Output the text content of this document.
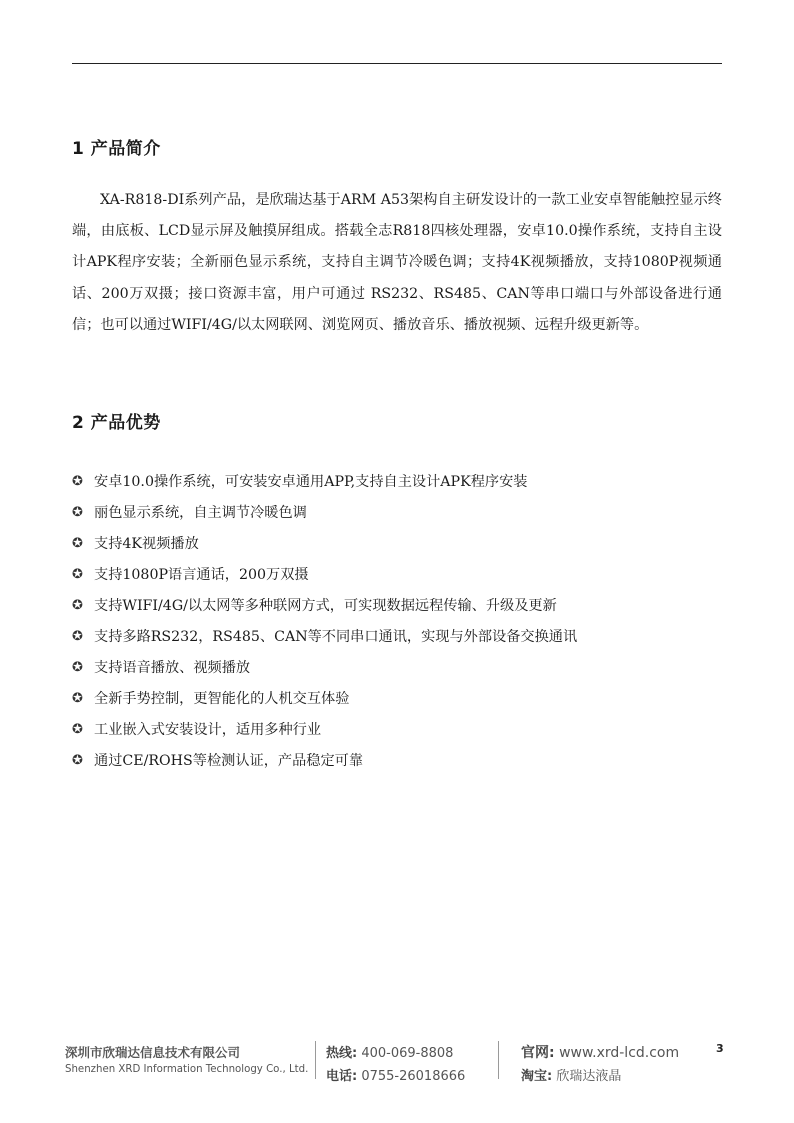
1 产品简介

XA-R818-DI系列产品，是欣瑞达基于ARM A53架构自主研发设计的一款工业安卓智能触控显示终端，由底板、LCD显示屏及触摸屏组成。搭载全志R818四核处理器，安卓10.0操作系统，支持自主设计APK程序安装；全新丽色显示系统，支持自主调节冷暖色调；支持4K视频播放，支持1080P视频通话、200万双摄；接口资源丰富，用户可通过 RS232、RS485、CAN等串口端口与外部设备进行通信；也可以通过WIFI/4G/以太网联网、浏览网页、播放音乐、播放视频、远程升级更新等。

2 产品优势
✪ 安卓10.0操作系统，可安装安卓通用APP,支持自主设计APK程序安装
✪ 丽色显示系统，自主调节冷暖色调
✪ 支持4K视频播放
✪ 支持1080P语言通话，200万双摄
✪ 支持WIFI/4G/以太网等多种联网方式，可实现数据远程传输、升级及更新
✪ 支持多路RS232，RS485、CAN等不同串口通讯，实现与外部设备交换通讯
✪ 支持语音播放、视频播放
✪ 全新手势控制，更智能化的人机交互体验
✪ 工业嵌入式安装设计，适用多种行业
✪ 通过CE/ROHS等检测认证，产品稳定可靠
深圳市欣瑞达信息技术有限公司
Shenzhen XRD Information Technology Co., Ltd.
热线: 400-069-8808
电话: 0755-26018666
官网: www.xrd-lcd.com
淘宝: 欣瑞达液晶
3
